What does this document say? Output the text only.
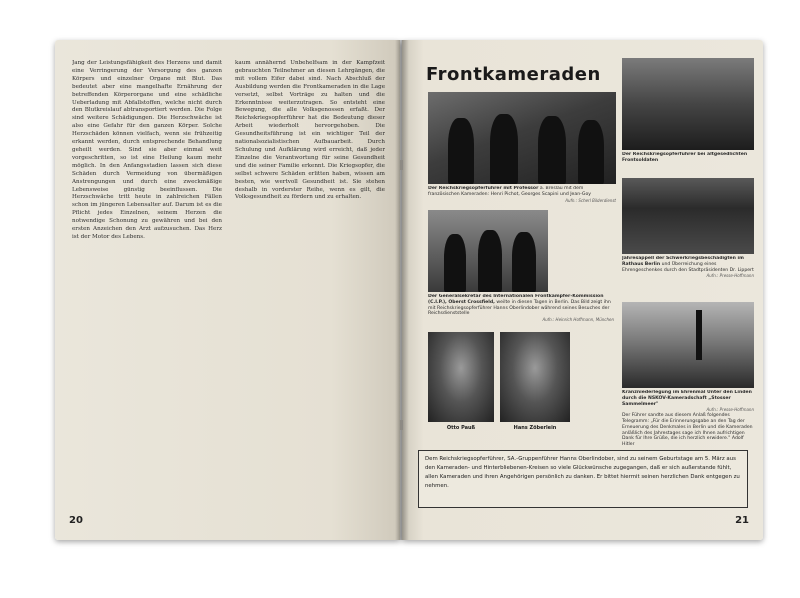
Jang der Leistungsfähigkeit des Herzens und damit eine Verringerung der Versorgung des ganzen Körpers und einzelner Organe mit Blut. Das bedeutet aber eine mangelhafte Ernährung der betreffenden Körperorgane und eine schädliche Ueberladung mit Abfallstoffen, welche nicht durch den Blutkreislauf abtransportiert werden. Die Folge sind weitere Schädigungen. Die Herzschwäche ist also eine Gefahr für den ganzen Körper. Solche Herzschäden können vielfach, wenn sie frühzeitig erkannt werden, durch entsprechende Behandlung geheilt werden. Sind sie aber einmal weit vorgeschritten, so ist eine Heilung kaum mehr möglich. In den Anfangsstadien lassen sich diese Schäden durch Vermeidung von übermäßigen Anstrengungen und durch eine zweckmäßige Lebensweise günstig beeinflussen. Die Herzschwäche tritt heute in zahlreichen Fällen schon im jüngeren Lebensalter auf. Darum ist es die Pflicht jedes Einzelnen, seinem Herzen die notwendige Schonung zu gewähren und bei den ersten Anzeichen den Arzt aufzusuchen. Das Herz ist der Motor des Lebens.

kaum annähernd Unbehelfsam in der Kampfzeit gebrauchten Teilnehmer an diesen Lehrgängen, die mit vollem Eifer dabei sind. Nach Abschluß der Ausbildung werden die Frontkameraden in die Lage versetzt, selbst Vorträge zu halten und die Erkenntnisse weiterzutragen. So entsteht eine Bewegung, die alle Volksgenossen erfaßt. Der Reichskriegsopferführer hat die Bedeutung dieser Arbeit wiederholt hervorgehoben. Die Gesundheitsführung ist ein wichtiger Teil der nationalsozialistischen Aufbauarbeit. Durch Schulung und Aufklärung wird erreicht, daß jeder Einzelne die Verantwortung für seine Gesundheit und die seiner Familie erkennt. Die Kriegsopfer, die selbst schwere Schäden erlitten haben, wissen am besten, wie wertvoll Gesundheit ist. Sie stehen deshalb in vorderster Reihe, wenn es gilt, die Volksgesundheit zu fördern und zu erhalten.

20
Frontkameraden
Der Reichskriegsopferführer bei altgesedlichten Frontsoldaten
Der Reichskriegsopferführer mit Professor a. Breslau mit dem französischen Kameraden: Henri Pichot, Georges Scapini und Jean-Goy
Aufn.: Scherl Bilderdienst
Der Generalsekretär des Internationalen Frontkämpfer-Kommission (C.I.P.), Oberst Crossfield, weilte in diesen Tagen in Berlin. Das Bild zeigt ihn mit Reichskriegsopferführer Hanns Oberlindober während seines Besuches der Reichsdienststelle
Aufn.: Heinrich Hoffmann, München
Jahresappell der Schwerkriegsbeschädigten im Rathaus Berlin und Überreichung eines Ehrengeschenkes durch den Stadtpräsidenten Dr. Lippert
Aufn.: Presse-Hoffmann
Otto Pauß	Hans Zöberlein
Kranzniederlegung im Ehrenmal Unter den Linden durch die NSKOV-Kameradschaft „Stosser Sammelmeer"
Aufn.: Presse-Hoffmann
Der Führer sandte aus diesem Anlaß folgendes Telegramm: „Für die Erinnerungsgabe an den Tag der Erneuerung des Denkmales in Berlin und die Kameraden anläßlich des Jahrestages sage ich Ihnen aufrichtigen Dank für Ihre Grüße, die ich herzlich erwidere." Adolf Hitler
Dem Reichskriegsopferführer, SA.-Gruppenführer Hanns Oberlindober, sind zu seinem Geburtstage am 5. März aus den Kameraden- und Hinterbliebenen-Kreisen so viele Glückwünsche zugegangen, daß er sich außerstande fühlt, allen Kameraden und ihren Angehörigen persönlich zu danken. Er bittet hiermit seinen herzlichen Dank entgegen zu nehmen.
21
